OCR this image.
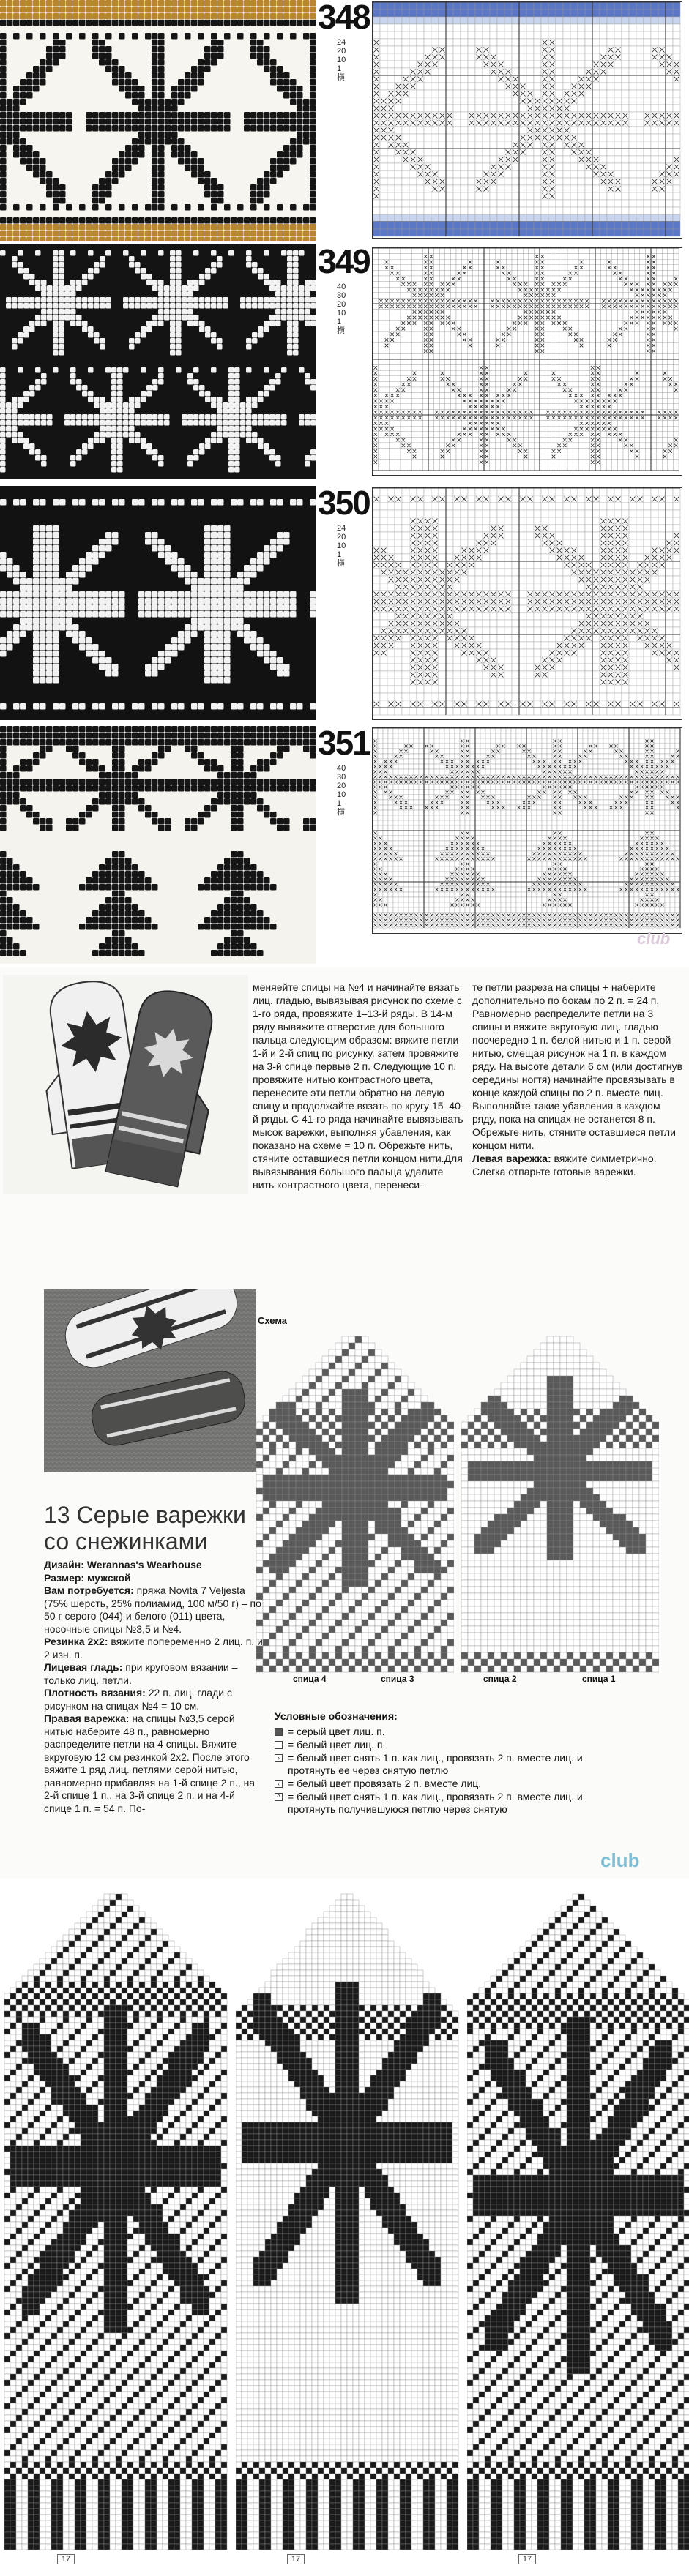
348
24
20
10
1
横
349
40
30
20
10
1
横
350
24
20
10
1
横
351
40
30
20
10
1
横
club

меняейте спицы на №4 и начинайте вязать лиц. гладью, вывязывая рисунок по схеме с 1-го ряда, провяжите 1–13-й ряды. В 14-м ряду вывяжите отверстие для большого пальца следующим образом: вяжите петли 1-й и 2-й спиц по рисунку, затем провяжите на 3-й спице первые 2 п. Следующие 10 п. провяжите нитью контрастного цвета, перенесите эти петли обратно на левую спицу и продолжайте вязать по кругу 15–40-й ряды. С 41-го ряда начинайте вывязывать мысок варежки, выполняя убавления, как показано на схеме = 10 п. Обрежьте нить, стяните оставшиеся петли концом нити.Для вывязывания большого пальца удалите нить контрастного цвета, перенеси-

те петли разреза на спицы + наберите дополнительно по бокам по 2 п. = 24 п. Равномерно распределите петли на 3 спицы и вяжите вкруговую лиц. гладью поочередно 1 п. белой нитью и 1 п. серой нитью, смещая рисунок на 1 п. в каждом ряду. На высоте детали 6 см (или достигнув середины ногтя) начинайте провязывать в конце каждой спицы по 2 п. вместе лиц. Выполняйте такие убавления в каждом ряду, пока на спицах не останется 8 п. Обрежьте нить, стяните оставшиеся петли концом нити.

Левая варежка: вяжите симметрично.

Слегка отпарьте готовые варежки.

Схема
спица 4	спица 3	спица 2	спица 1
13 Серые варежки со снежинками

Дизайн: Werannas's Wearhouse

Размер: мужской

Вам потребуется: пряжа Novita 7 Veljesta (75% шерсть, 25% полиамид, 100 м/50 г) – по 50 г серого (044) и белого (011) цвета, носочные спицы №3,5 и №4.

Резинка 2х2: вяжите попеременно 2 лиц. п. и 2 изн. п.

Лицевая гладь: при круговом вязании – только лиц. петли.

Плотность вязания: 22 п. лиц. глади с рисунком на спицах №4 = 10 см.

Правая варежка: на спицы №3,5 серой нитью наберите 48 п., равномерно распределите петли на 4 спицы. Вяжите вкруговую 12 см резинкой 2х2. После этого вяжите 1 ряд лиц. петлями серой нитью, равномерно прибавляя на 1-й спице 2 п., на 2-й спице 1 п., на 3-й спице 2 п. и на 4-й спице 1 п. = 54 п. По-

Условные обозначения:
= серый цвет лиц. п.
= белый цвет лиц. п.
› = белый цвет снять 1 п. как лиц., провязать 2 п. вместе лиц. и протянуть ее через снятую петлю
‹ = белый цвет провязать 2 п. вместе лиц.
^ = белый цвет снять 1 п. как лиц., провязать 2 п. вместе лиц. и протянуть получившуюся петлю через снятую
club
17	17	17
